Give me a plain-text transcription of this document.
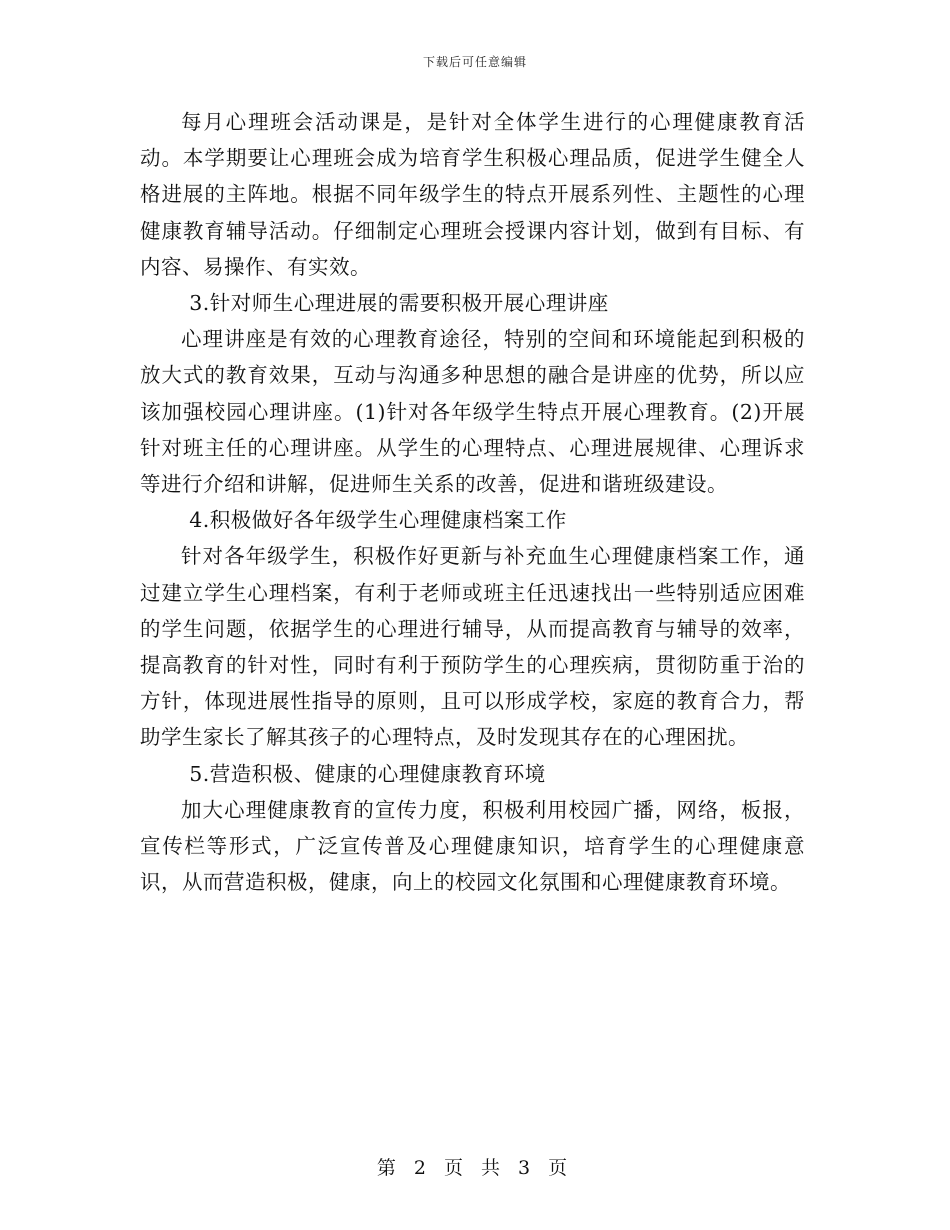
下载后可任意编辑

每月心理班会活动课是，是针对全体学生进行的心理健康教育活动。本学期要让心理班会成为培育学生积极心理品质，促进学生健全人格进展的主阵地。根据不同年级学生的特点开展系列性、主题性的心理健康教育辅导活动。仔细制定心理班会授课内容计划，做到有目标、有内容、易操作、有实效。

3.针对师生心理进展的需要积极开展心理讲座

心理讲座是有效的心理教育途径，特别的空间和环境能起到积极的放大式的教育效果，互动与沟通多种思想的融合是讲座的优势，所以应该加强校园心理讲座。(1)针对各年级学生特点开展心理教育。(2)开展针对班主任的心理讲座。从学生的心理特点、心理进展规律、心理诉求等进行介绍和讲解，促进师生关系的改善，促进和谐班级建设。

4.积极做好各年级学生心理健康档案工作

针对各年级学生，积极作好更新与补充血生心理健康档案工作，通过建立学生心理档案，有利于老师或班主任迅速找出一些特别适应困难的学生问题，依据学生的心理进行辅导，从而提高教育与辅导的效率，提高教育的针对性，同时有利于预防学生的心理疾病，贯彻防重于治的方针，体现进展性指导的原则，且可以形成学校，家庭的教育合力，帮助学生家长了解其孩子的心理特点，及时发现其存在的心理困扰。

5.营造积极、健康的心理健康教育环境

加大心理健康教育的宣传力度，积极利用校园广播，网络，板报，宣传栏等形式，广泛宣传普及心理健康知识，培育学生的心理健康意识，从而营造积极，健康，向上的校园文化氛围和心理健康教育环境。

第 2 页 共 3 页
